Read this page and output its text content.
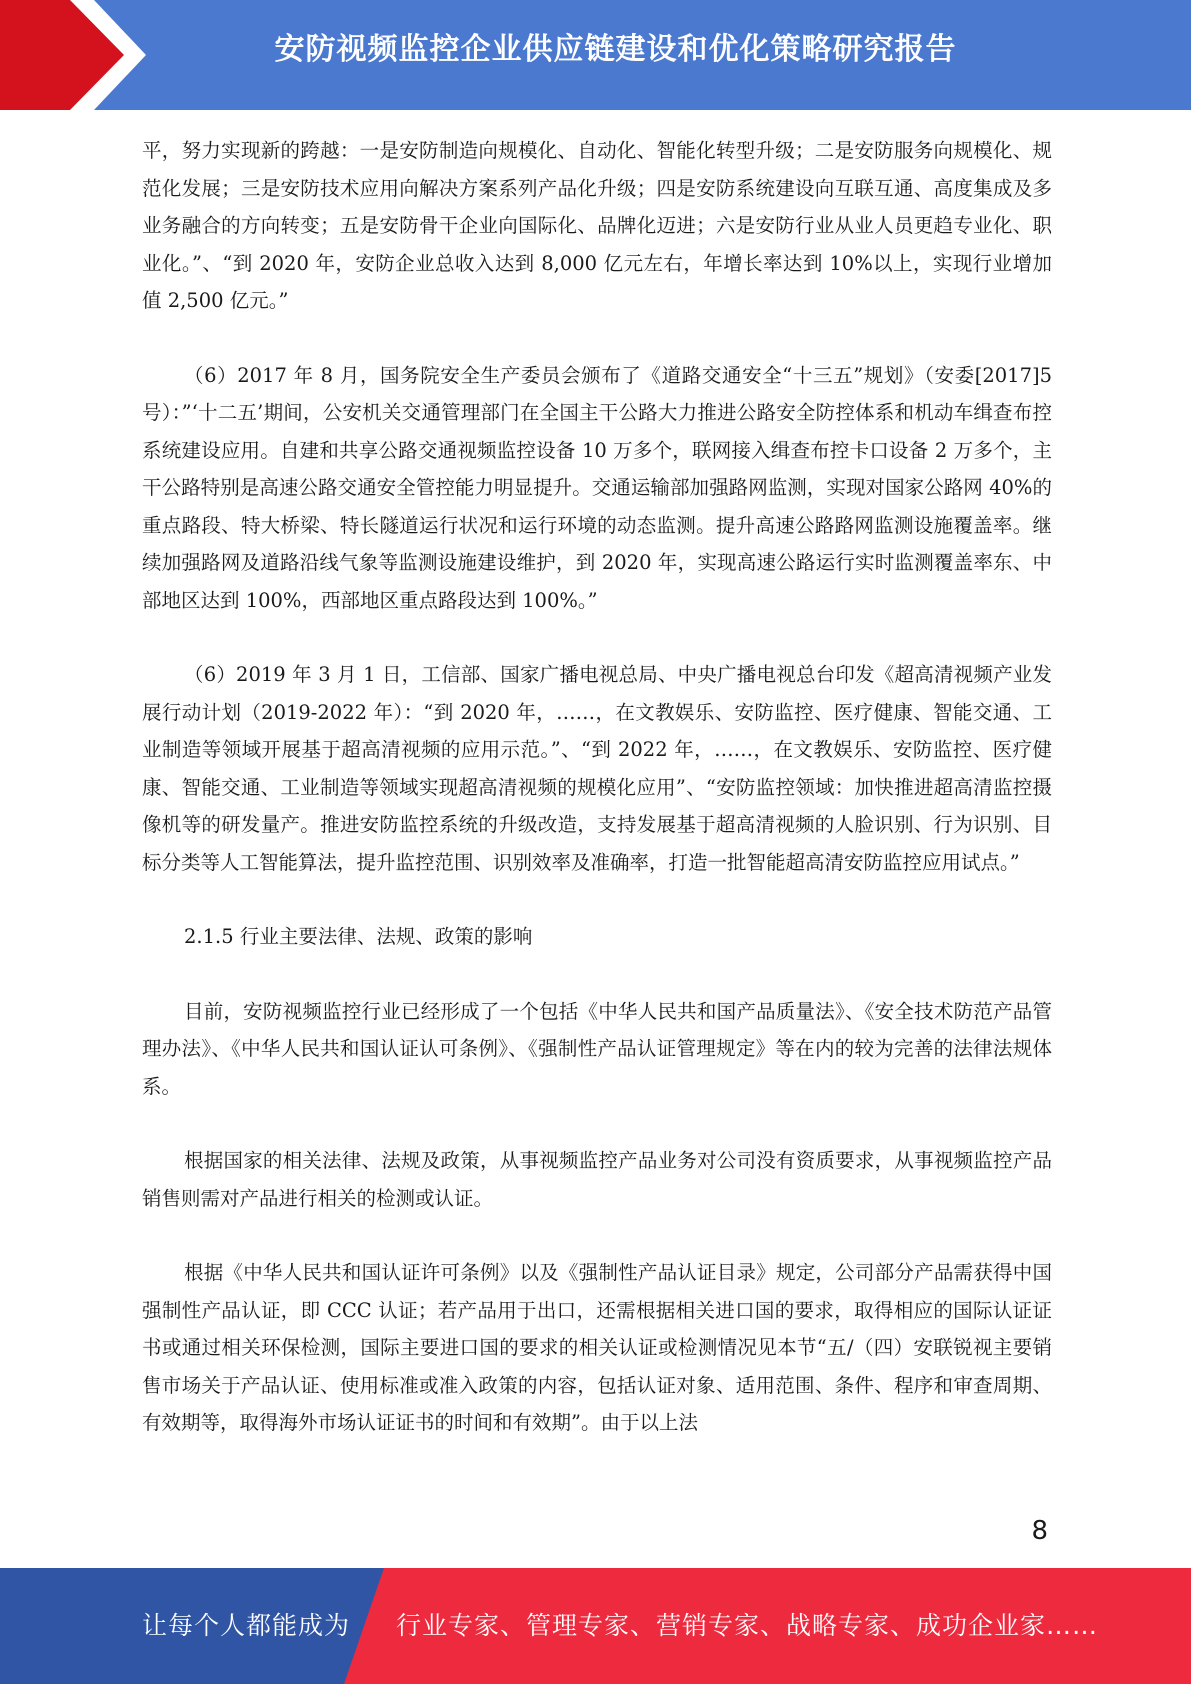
安防视频监控企业供应链建设和优化策略研究报告

平，努力实现新的跨越：一是安防制造向规模化、自动化、智能化转型升级；二是安防服务向规模化、规范化发展；三是安防技术应用向解决方案系列产品化升级；四是安防系统建设向互联互通、高度集成及多业务融合的方向转变；五是安防骨干企业向国际化、品牌化迈进；六是安防行业从业人员更趋专业化、职业化。”、“到 2020 年，安防企业总收入达到 8,000 亿元左右，年增长率达到 10%以上，实现行业增加值 2,500 亿元。”

（6）2017 年 8 月，国务院安全生产委员会颁布了《道路交通安全“十三五”规划》（安委[2017]5 号）：”‘十二五’期间，公安机关交通管理部门在全国主干公路大力推进公路安全防控体系和机动车缉查布控系统建设应用。自建和共享公路交通视频监控设备 10 万多个，联网接入缉查布控卡口设备 2 万多个，主干公路特别是高速公路交通安全管控能力明显提升。交通运输部加强路网监测，实现对国家公路网 40%的重点路段、特大桥梁、特长隧道运行状况和运行环境的动态监测。提升高速公路路网监测设施覆盖率。继续加强路网及道路沿线气象等监测设施建设维护，到 2020 年，实现高速公路运行实时监测覆盖率东、中部地区达到 100%，西部地区重点路段达到 100%。”

（6）2019 年 3 月 1 日，工信部、国家广播电视总局、中央广播电视总台印发《超高清视频产业发展行动计划（2019-2022 年）：“到 2020 年，……，在文教娱乐、安防监控、医疗健康、智能交通、工业制造等领域开展基于超高清视频的应用示范。”、“到 2022 年，……，在文教娱乐、安防监控、医疗健康、智能交通、工业制造等领域实现超高清视频的规模化应用”、“安防监控领域：加快推进超高清监控摄像机等的研发量产。推进安防监控系统的升级改造，支持发展基于超高清视频的人脸识别、行为识别、目标分类等人工智能算法，提升监控范围、识别效率及准确率，打造一批智能超高清安防监控应用试点。”

2.1.5 行业主要法律、法规、政策的影响

目前，安防视频监控行业已经形成了一个包括《中华人民共和国产品质量法》、《安全技术防范产品管理办法》、《中华人民共和国认证认可条例》、《强制性产品认证管理规定》等在内的较为完善的法律法规体系。

根据国家的相关法律、法规及政策，从事视频监控产品业务对公司没有资质要求，从事视频监控产品销售则需对产品进行相关的检测或认证。

根据《中华人民共和国认证许可条例》以及《强制性产品认证目录》规定，公司部分产品需获得中国强制性产品认证，即 CCC 认证；若产品用于出口，还需根据相关进口国的要求，取得相应的国际认证证书或通过相关环保检测，国际主要进口国的要求的相关认证或检测情况见本节“五/（四）安联锐视主要销售市场关于产品认证、使用标准或准入政策的内容，包括认证对象、适用范围、条件、程序和审查周期、有效期等，取得海外市场认证证书的时间和有效期”。由于以上法

8
让每个人都能成为 行业专家、管理专家、营销专家、战略专家、成功企业家……
